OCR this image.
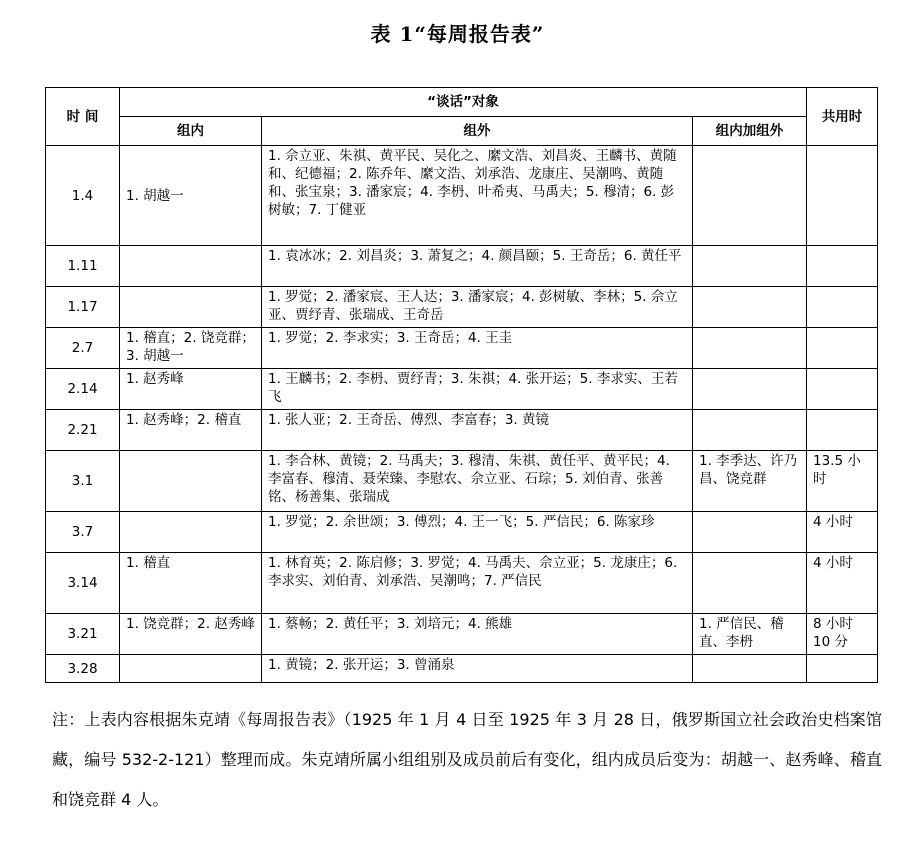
表 1“每周报告表”
时 间	“谈话”对象			共用时
	组内	组外	组内加组外	
1.4	1. 胡越一	1. 佘立亚、朱祺、黄平民、吴化之、縻文浩、刘昌炎、王麟书、黄随和、纪德福；2. 陈乔年、縻文浩、刘承浩、龙康庄、吴潮鸣、黄随和、张宝泉；3. 潘家宸；4. 李枬、叶希夷、马禹夫；5. 穆清；6. 彭树敏；7. 丁健亚		
1.11		1. 袁冰冰；2. 刘昌炎；3. 萧复之；4. 颜昌颐；5. 王奇岳；6. 黄任平		
1.17		1. 罗觉；2. 潘家宸、王人达；3. 潘家宸；4. 彭树敏、李林；5. 佘立亚、贾纾青、张瑞成、王奇岳		
2.7	1. 稽直；2. 饶竞群；3. 胡越一	1. 罗觉；2. 李求实；3. 王奇岳；4. 王圭		
2.14	1. 赵秀峰	1. 王麟书；2. 李枬、贾纾青；3. 朱祺；4. 张开运；5. 李求实、王若飞		
2.21	1. 赵秀峰；2. 稽直	1. 张人亚；2. 王奇岳、傅烈、李富春；3. 黄镜		
3.1		1. 李合林、黄镜；2. 马禹夫；3. 穆清、朱祺、黄任平、黄平民；4. 李富春、穆清、聂荣臻、李慰农、佘立亚、石琮；5. 刘伯青、张善铭、杨善集、张瑞成	1. 李季达、许乃昌、饶竞群	13.5 小时
3.7		1. 罗觉；2. 余世颂；3. 傅烈；4. 王一飞；5. 严信民；6. 陈家珍		4 小时
3.14	1. 稽直	1. 林育英；2. 陈启修；3. 罗觉；4. 马禹夫、佘立亚；5. 龙康庄；6. 李求实、刘伯青、刘承浩、吴潮鸣；7. 严信民		4 小时
3.21	1. 饶竞群；2. 赵秀峰	1. 蔡畅；2. 黄任平；3. 刘培元；4. 熊雄	1. 严信民、稽直、李枬	8 小时 10 分
3.28		1. 黄镜；2. 张开运；3. 曾涌泉		
注：上表内容根据朱克靖《每周报告表》（1925 年 1 月 4 日至 1925 年 3 月 28 日，俄罗斯国立社会政治史档案馆藏，编号 532-2-121）整理而成。朱克靖所属小组组别及成员前后有变化，组内成员后变为：胡越一、赵秀峰、稽直和饶竞群 4 人。
